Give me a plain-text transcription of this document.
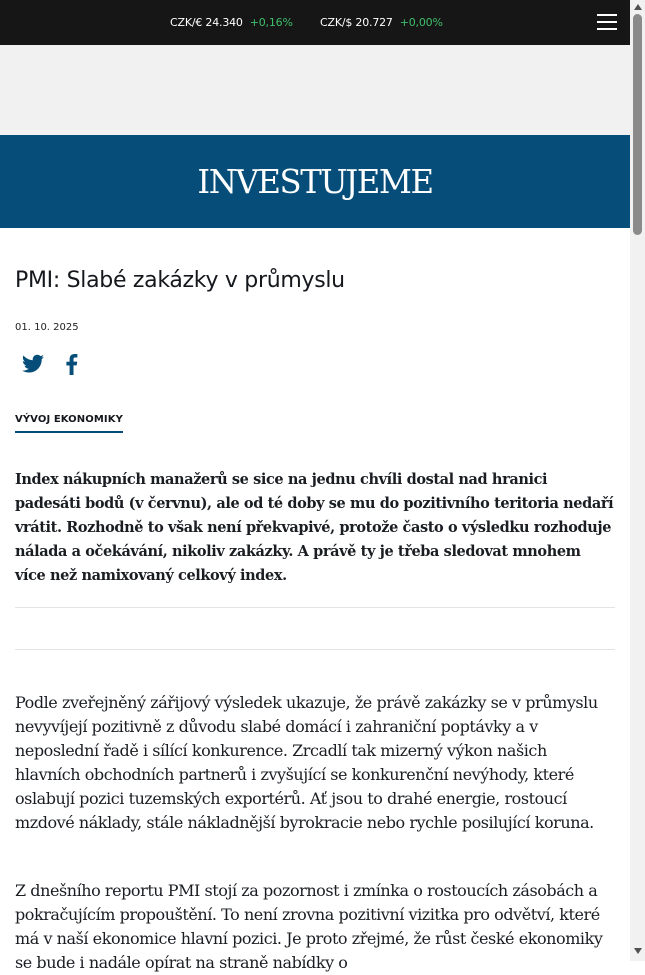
CZK/€ 24.340 +0,16% CZK/$ 20.727 +0,00%
INVESTUJEME
PMI: Slabé zakázky v průmyslu
01. 10. 2025
VÝVOJ EKONOMIKY

Index nákupních manažerů se sice na jednu chvíli dostal nad hranici padesáti bodů (v červnu), ale od té doby se mu do pozitivního teritoria nedaří vrátit. Rozhodně to však není překvapivé, protože často o výsledku rozhoduje nálada a očekávání, nikoliv zakázky. A právě ty je třeba sledovat mnohem více než namixovaný celkový index.

Podle zveřejněný zářijový výsledek ukazuje, že právě zakázky se v průmyslu nevyvíjejí pozitivně z důvodu slabé domácí i zahraniční poptávky a v neposlední řadě i sílící konkurence. Zrcadlí tak mizerný výkon našich hlavních obchodních partnerů i zvyšující se konkurenční nevýhody, které oslabují pozici tuzemských exportérů. Ať jsou to drahé energie, rostoucí mzdové náklady, stále nákladnější byrokracie nebo rychle posilující koruna.

Z dnešního reportu PMI stojí za pozornost i zmínka o rostoucích zásobách a pokračujícím propouštění. To není zrovna pozitivní vizitka pro odvětví, které má v naší ekonomice hlavní pozici. Je proto zřejmé, že růst české ekonomiky se bude i nadále opírat na straně nabídky o
